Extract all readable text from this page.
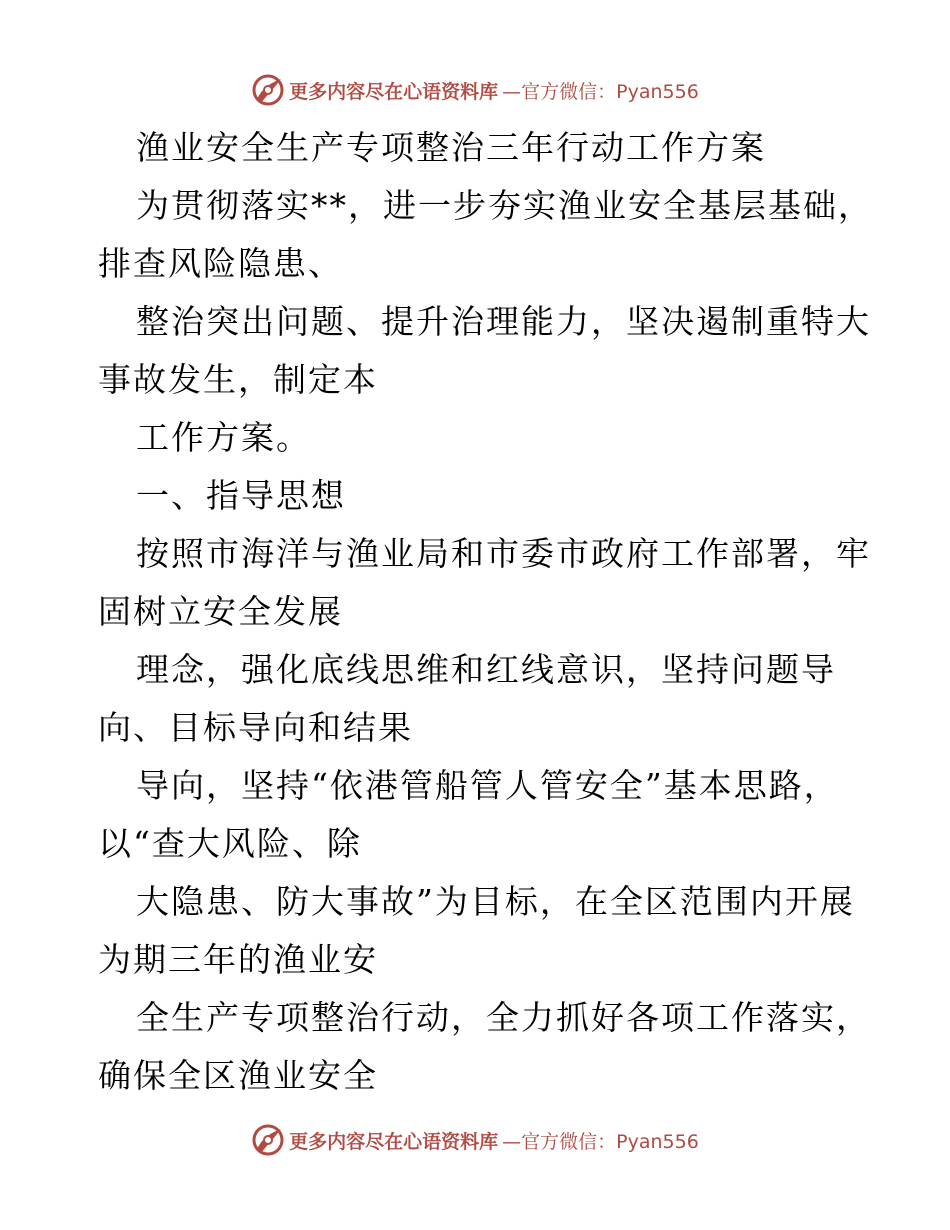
更多内容尽在心语资料库 —官方微信：Pyan556
渔业安全生产专项整治三年行动工作方案
为贯彻落实**，进一步夯实渔业安全基层基础，
排查风险隐患、
整治突出问题、提升治理能力，坚决遏制重特大
事故发生，制定本
工作方案。
一、指导思想
按照市海洋与渔业局和市委市政府工作部署，牢
固树立安全发展
理念，强化底线思维和红线意识，坚持问题导
向、目标导向和结果
导向，坚持“依港管船管人管安全”基本思路，
以“查大风险、除
大隐患、防大事故”为目标，在全区范围内开展
为期三年的渔业安
全生产专项整治行动，全力抓好各项工作落实，
确保全区渔业安全
更多内容尽在心语资料库 —官方微信：Pyan556
